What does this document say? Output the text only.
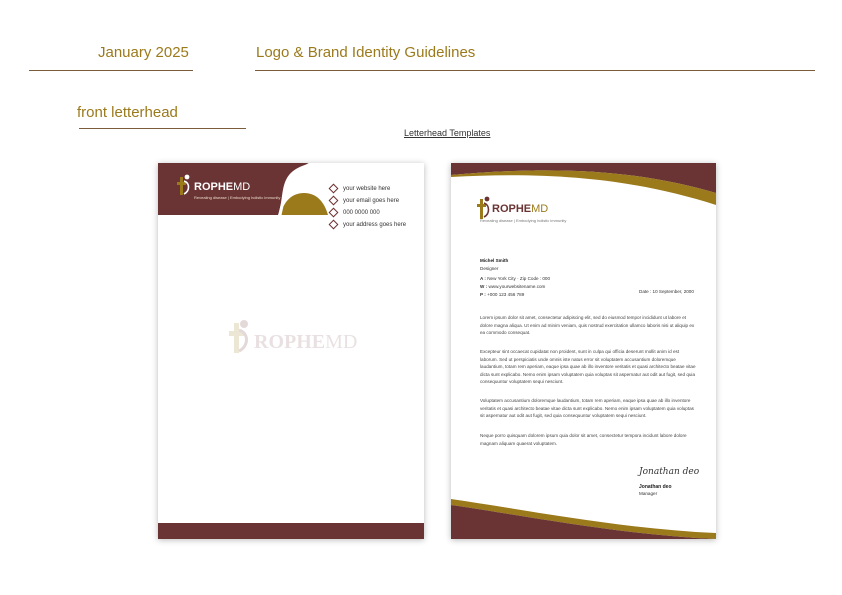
January 2025	Logo & Brand Identity Guidelines
front letterhead
Letterhead Templates
ROPHEMD
Revealing disease | Embodying holistic immunity
your website here
your email goes here
000 0000 000
your address goes here
ROPHEMD
ROPHEMD
Revealing disease | Embodying holistic immunity
Michel Smith
Designer
A : New York City · Zip Code : 000
W : www.yourwebsitename.com
P : +000 123 456 789
Date : 10 September, 2000
Lorem ipsum dolor sit amet, consectetur adipiscing elit, sed do eiusmod tempor incididunt ut labore et dolore magna aliqua. Ut enim ad minim veniam, quis nostrud exercitation ullamco laboris nisi ut aliquip ex ea commodo consequat.
Excepteur sint occaecat cupidatat non proident, sunt in culpa qui officia deserunt mollit anim id est laborum. Sed ut perspiciatis unde omnis iste natus error sit voluptatem accusantium doloremque laudantium, totam rem aperiam, eaque ipsa quae ab illo inventore veritatis et quasi architecto beatae vitae dicta sunt explicabo. Nemo enim ipsam voluptatem quia voluptas sit aspernatur aut odit aut fugit, sed quia consequuntur voluptatem sequi nesciunt.
Voluptatem accusantium doloremque laudantium, totam rem aperiam, eaque ipsa quae ab illo inventore veritatis et quasi architecto beatae vitae dicta sunt explicabo. Nemo enim ipsam voluptatem quia voluptas sit aspernatur aut odit aut fugit, sed quia consequuntur voluptatem sequi nesciunt.
Neque porro quisquam dolorem ipsum quia dolor sit amet, consectetur tempora incidunt labore dolore magnam aliquam quaerat voluptatem.
Jonathan deo
Jonathan deo
Manager
